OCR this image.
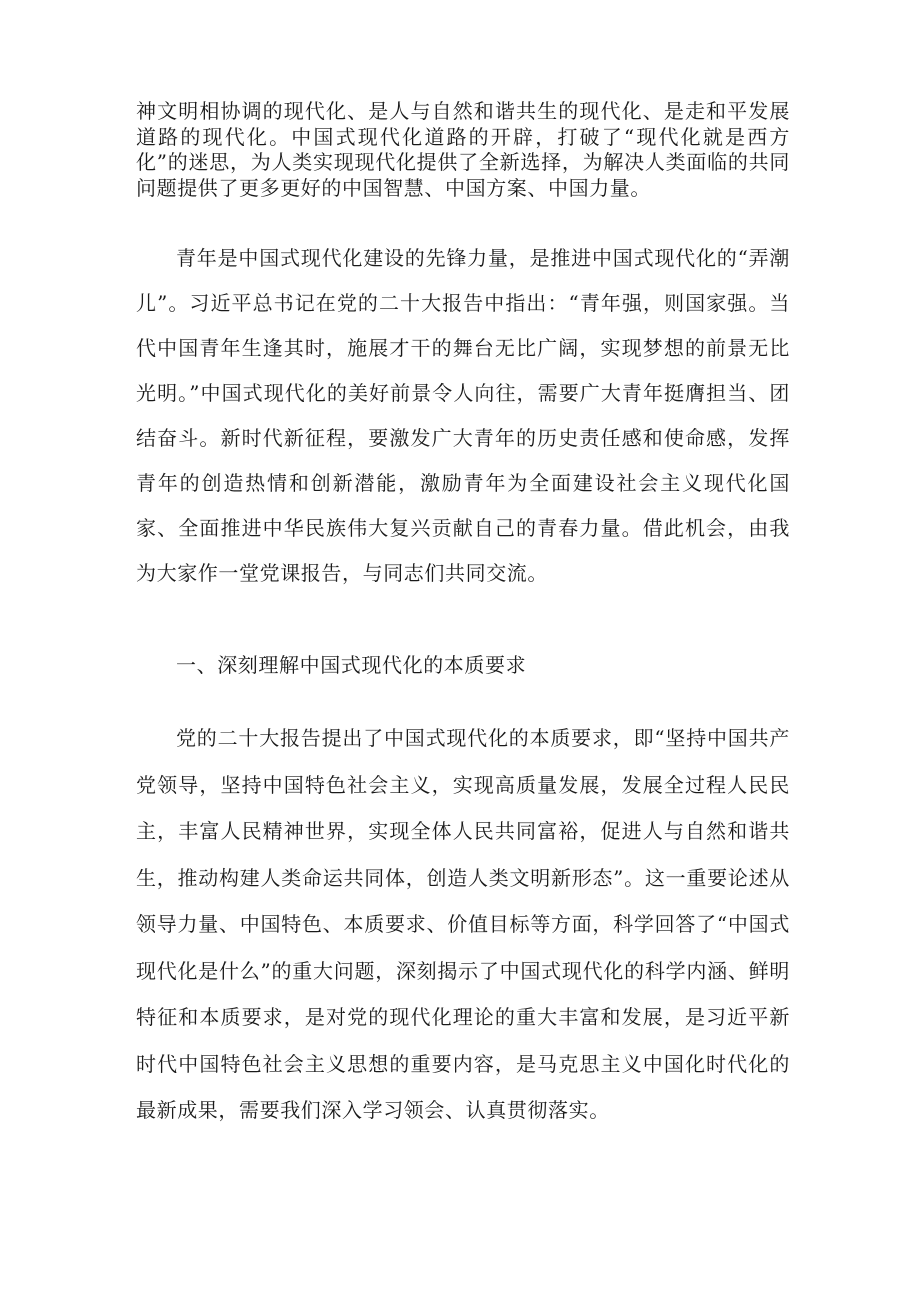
神文明相协调的现代化、是人与自然和谐共生的现代化、是走和平发展道路的现代化。中国式现代化道路的开辟，打破了“现代化就是西方化”的迷思，为人类实现现代化提供了全新选择，为解决人类面临的共同问题提供了更多更好的中国智慧、中国方案、中国力量。
青年是中国式现代化建设的先锋力量，是推进中国式现代化的“弄潮儿”。习近平总书记在党的二十大报告中指出：“青年强，则国家强。当代中国青年生逢其时，施展才干的舞台无比广阔，实现梦想的前景无比光明。”中国式现代化的美好前景令人向往，需要广大青年挺膺担当、团结奋斗。新时代新征程，要激发广大青年的历史责任感和使命感，发挥青年的创造热情和创新潜能，激励青年为全面建设社会主义现代化国家、全面推进中华民族伟大复兴贡献自己的青春力量。借此机会，由我为大家作一堂党课报告，与同志们共同交流。
一、深刻理解中国式现代化的本质要求
党的二十大报告提出了中国式现代化的本质要求，即“坚持中国共产党领导，坚持中国特色社会主义，实现高质量发展，发展全过程人民民主，丰富人民精神世界，实现全体人民共同富裕，促进人与自然和谐共生，推动构建人类命运共同体，创造人类文明新形态”。这一重要论述从领导力量、中国特色、本质要求、价值目标等方面，科学回答了“中国式现代化是什么”的重大问题，深刻揭示了中国式现代化的科学内涵、鲜明特征和本质要求，是对党的现代化理论的重大丰富和发展，是习近平新时代中国特色社会主义思想的重要内容，是马克思主义中国化时代化的最新成果，需要我们深入学习领会、认真贯彻落实。
